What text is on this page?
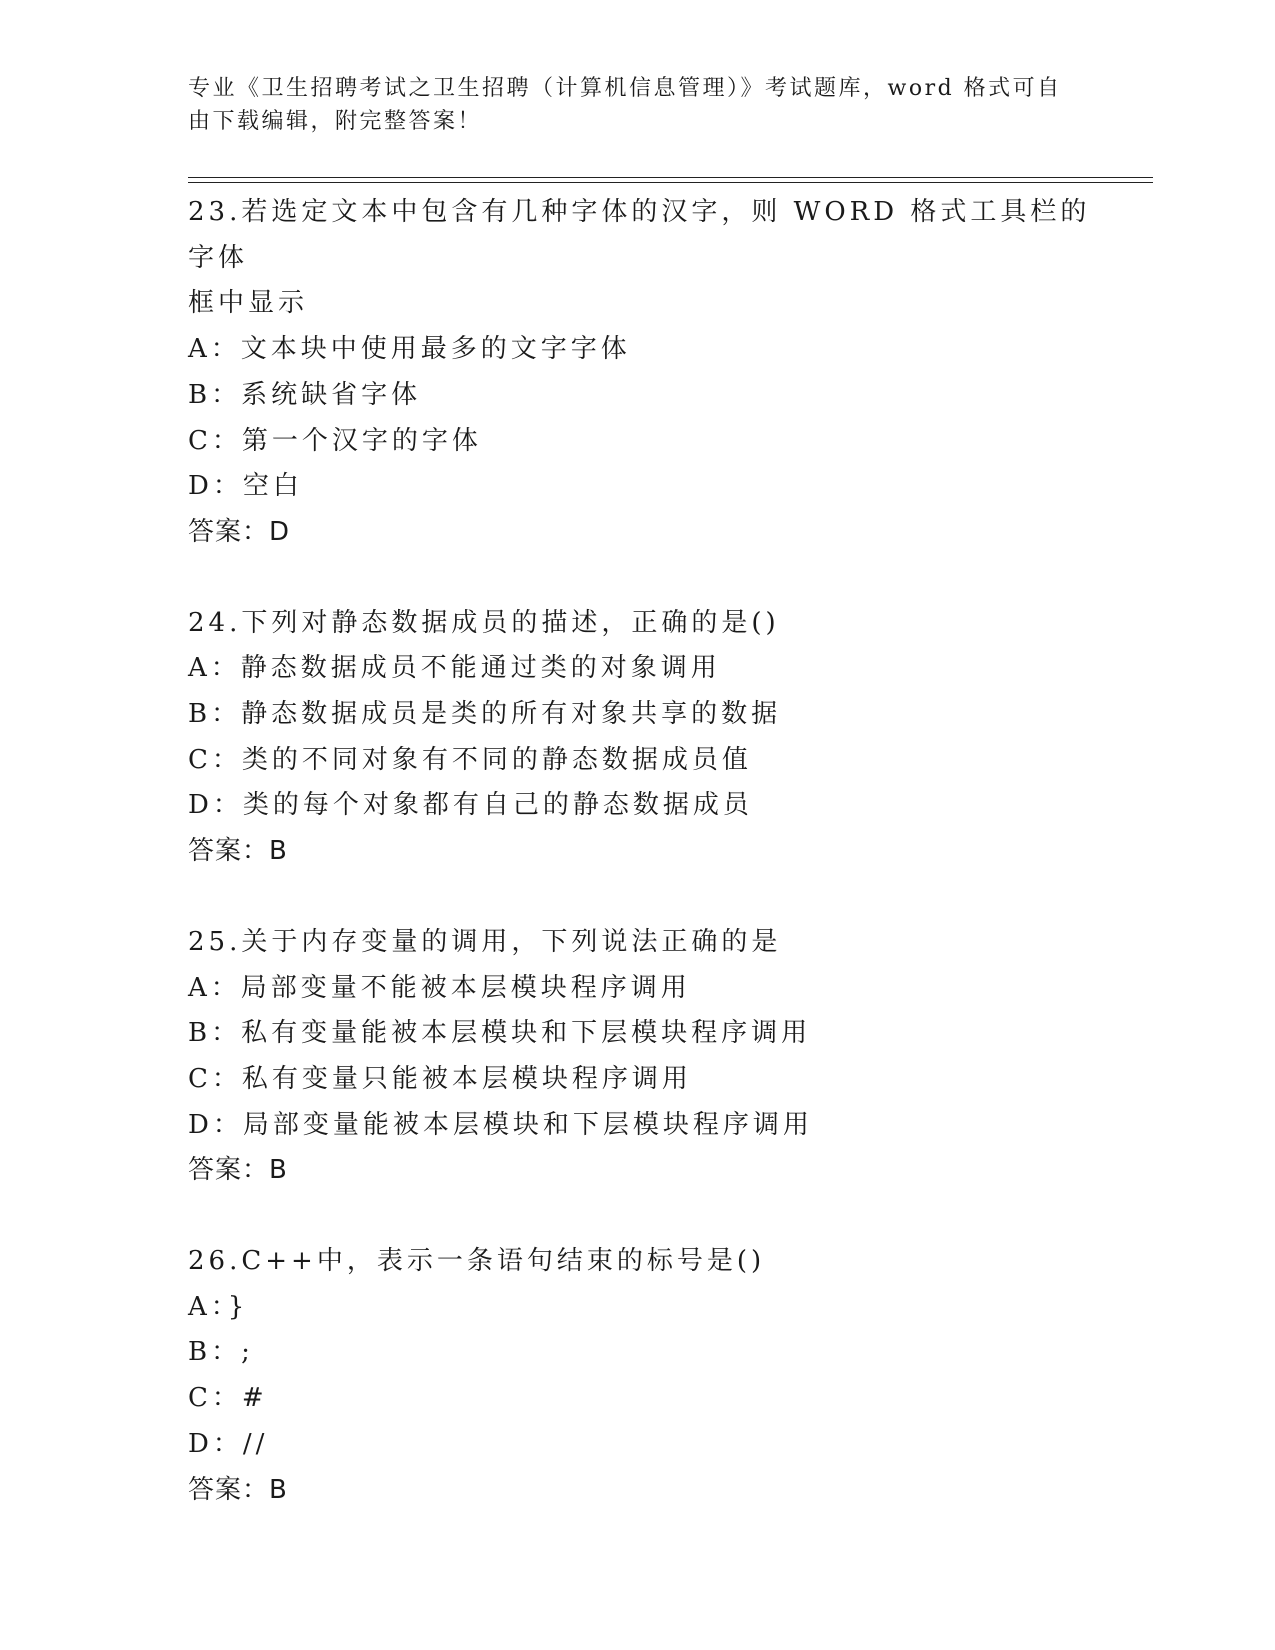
专业《卫生招聘考试之卫生招聘（计算机信息管理）》考试题库，word 格式可自
由下载编辑，附完整答案！
23.若选定文本中包含有几种字体的汉字，则 WORD 格式工具栏的字体
框中显示
A：文本块中使用最多的文字字体
B：系统缺省字体
C：第一个汉字的字体
D：空白
答案：D
24.下列对静态数据成员的描述，正确的是()
A：静态数据成员不能通过类的对象调用
B：静态数据成员是类的所有对象共享的数据
C：类的不同对象有不同的静态数据成员值
D：类的每个对象都有自己的静态数据成员
答案：B
25.关于内存变量的调用，下列说法正确的是
A：局部变量不能被本层模块程序调用
B：私有变量能被本层模块和下层模块程序调用
C：私有变量只能被本层模块程序调用
D：局部变量能被本层模块和下层模块程序调用
答案：B
26.C++中，表示一条语句结束的标号是()
A：}
B：;
C：#
D：//
答案：B
